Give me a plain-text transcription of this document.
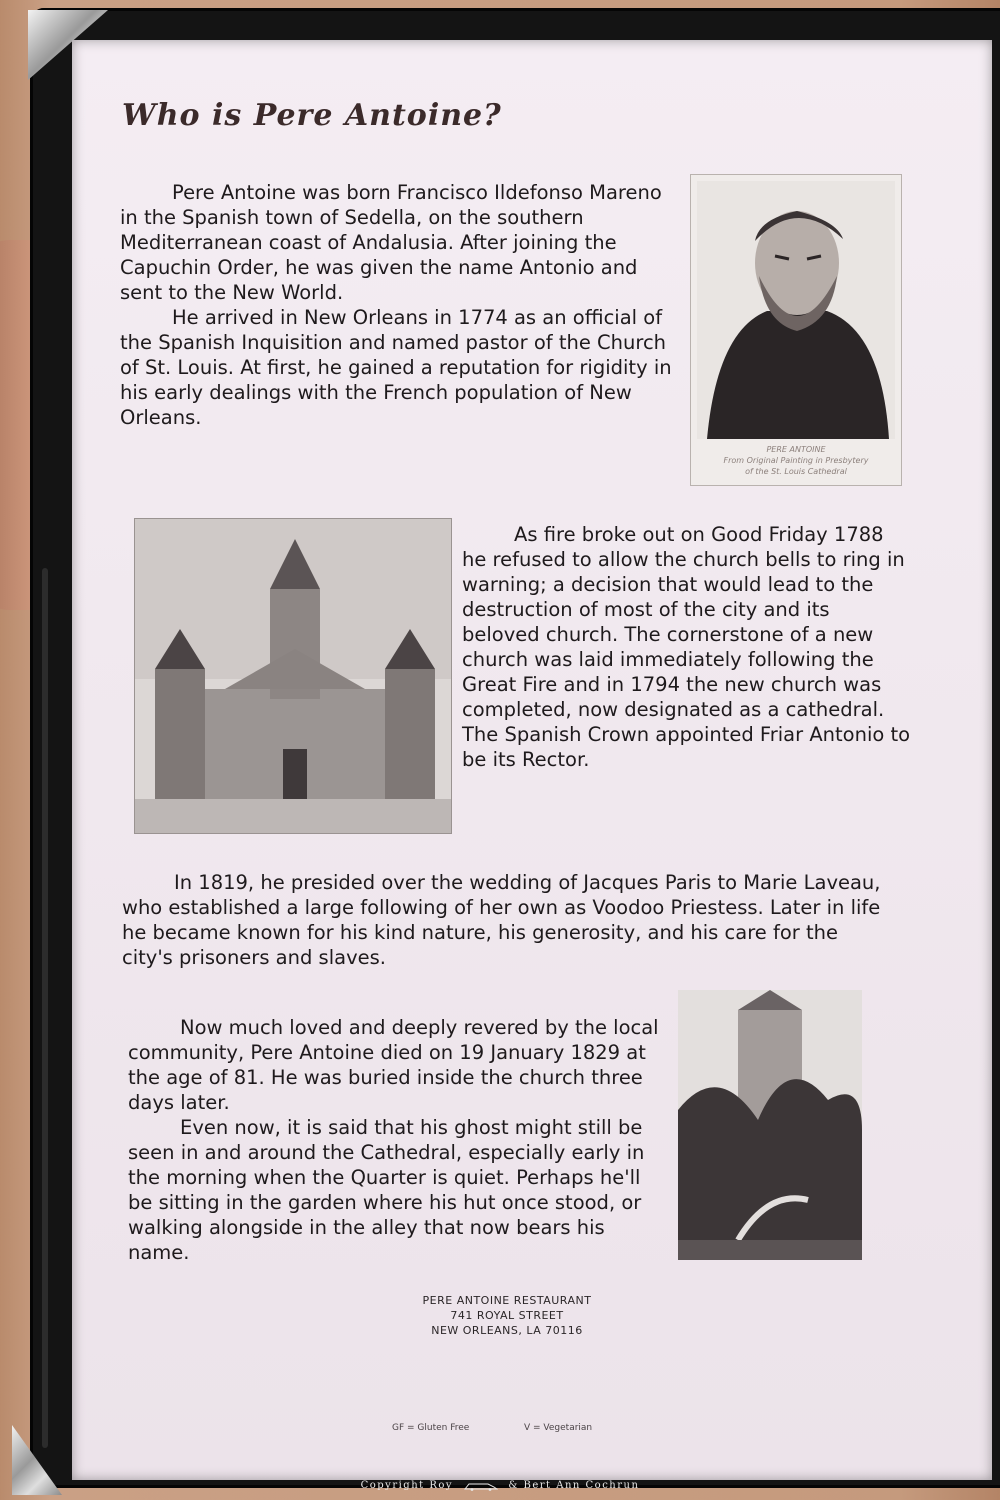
Who is Pere Antoine?

Pere Antoine was born Francisco Ildefonso Mareno in the Spanish town of Sedella, on the southern Mediterranean coast of Andalusia. After joining the Capuchin Order, he was given the name Antonio and sent to the New World.

He arrived in New Orleans in 1774 as an official of the Spanish Inquisition and named pastor of the Church of St. Louis. At first, he gained a reputation for rigidity in his early dealings with the French population of New Orleans.

PERE ANTOINE
From Original Painting in Presbytery
of the St. Louis Cathedral

As fire broke out on Good Friday 1788 he refused to allow the church bells to ring in warning; a decision that would lead to the destruction of most of the city and its beloved church. The cornerstone of a new church was laid immediately following the Great Fire and in 1794 the new church was completed, now designated as a cathedral. The Spanish Crown appointed Friar Antonio to be its Rector.

In 1819, he presided over the wedding of Jacques Paris to Marie Laveau, who established a large following of her own as Voodoo Priestess. Later in life he became known for his kind nature, his generosity, and his care for the city's prisoners and slaves.

Now much loved and deeply revered by the local community, Pere Antoine died on 19 January 1829 at the age of 81. He was buried inside the church three days later.

Even now, it is said that his ghost might still be seen in and around the Cathedral, especially early in the morning when the Quarter is quiet. Perhaps he'll be sitting in the garden where his hut once stood, or walking alongside in the alley that now bears his name.

PERE ANTOINE RESTAURANT
741 ROYAL STREET
NEW ORLEANS, LA 70116
GF = Gluten Free	V = Vegetarian
Copyright Roy	& Bert Ann Cochrun
